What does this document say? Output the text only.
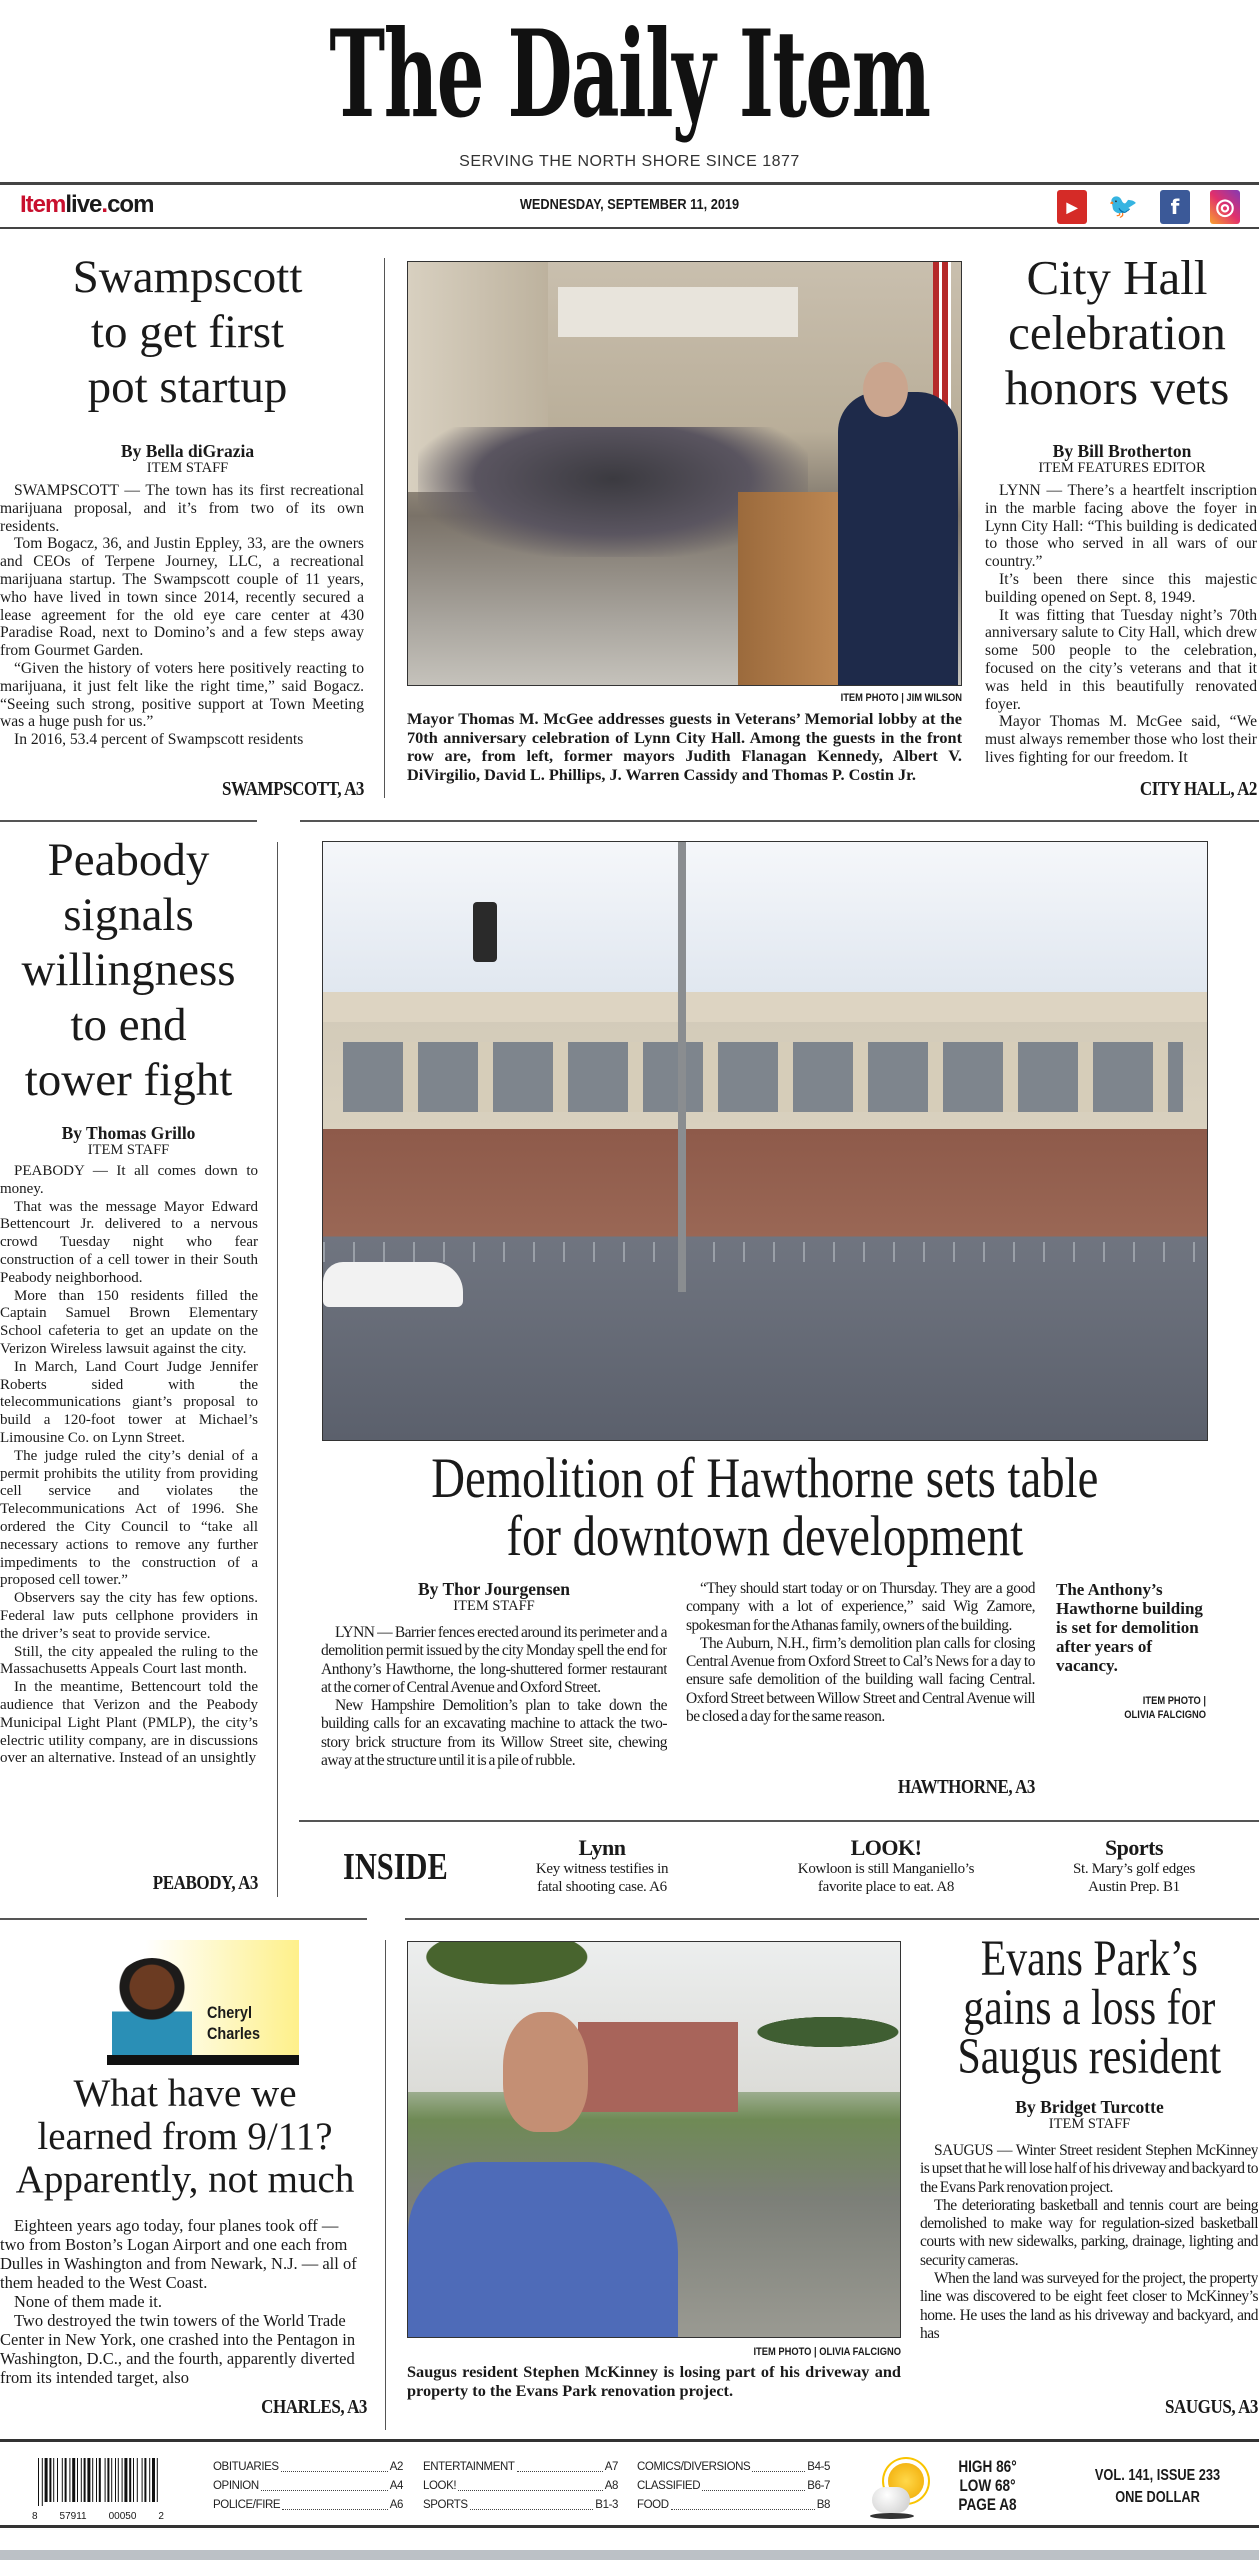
The Daily Item
SERVING THE NORTH SHORE SINCE 1877
Itemlive.com	WEDNESDAY, SEPTEMBER 11, 2019	▶	🐦	f	◎
Swampscott
to get first
pot startup
By Bella diGrazia
ITEM STAFF

SWAMPSCOTT — The town has its first recreational marijuana proposal, and it’s from two of its own residents.

Tom Bogacz, 36, and Justin Eppley, 33, are the owners and CEOs of Terpene Journey, LLC, a recreational marijuana startup. The Swampscott couple of 11 years, who have lived in town since 2014, recently secured a lease agreement for the old eye care center at 430 Paradise Road, next to Domino’s and a few steps away from Gourmet Garden.

“Given the history of voters here positively reacting to marijuana, it just felt like the right time,” said Bogacz. “Seeing such strong, positive support at Town Meeting was a huge push for us.”

In 2016, 53.4 percent of Swampscott residents

SWAMPSCOTT, A3
ITEM PHOTO | JIM WILSON
Mayor Thomas M. McGee addresses guests in Veterans’ Memorial lobby at the 70th anniversary celebration of Lynn City Hall. Among the guests in the front row are, from left, former mayors Judith Flanagan Kennedy, Albert V. DiVirgilio, David L. Phillips, J. Warren Cassidy and Thomas P. Costin Jr.
City Hall
celebration
honors vets
By Bill Brotherton
ITEM FEATURES EDITOR

LYNN — There’s a heartfelt inscription in the marble facing above the foyer in Lynn City Hall: “This building is dedicated to those who served in all wars of our country.”

It’s been there since this majestic building opened on Sept. 8, 1949.

It was fitting that Tuesday night’s 70th anniversary salute to City Hall, which drew some 500 people to the celebration, focused on the city’s veterans and that it was held in this beautifully renovated foyer.

Mayor Thomas M. McGee said, “We must always remember those who lost their lives fighting for our freedom. It

CITY HALL, A2
Peabody
signals
willingness
to end
tower fight
By Thomas Grillo
ITEM STAFF

PEABODY — It all comes down to money.

That was the message Mayor Edward Bettencourt Jr. delivered to a nervous crowd Tuesday night who fear construction of a cell tower in their South Peabody neighborhood.

More than 150 residents filled the Captain Samuel Brown Elementary School cafeteria to get an update on the Verizon Wireless lawsuit against the city.

In March, Land Court Judge Jennifer Roberts sided with the telecommunications giant’s proposal to build a 120-foot tower at Michael’s Limousine Co. on Lynn Street.

The judge ruled the city’s denial of a permit prohibits the utility from providing cell service and violates the Telecommunications Act of 1996. She ordered the City Council to “take all necessary actions to remove any further impediments to the construction of a proposed cell tower.”

Observers say the city has few options. Federal law puts cellphone providers in the driver’s seat to provide service.

Still, the city appealed the ruling to the Massachusetts Appeals Court last month.

In the meantime, Bettencourt told the audience that Verizon and the Peabody Municipal Light Plant (PMLP), the city’s electric utility company, are in discussions over an alternative. Instead of an unsightly

PEABODY, A3
Demolition of Hawthorne sets table
for downtown development
By Thor Jourgensen
ITEM STAFF

LYNN — Barrier fences erected around its perimeter and a demolition permit issued by the city Monday spell the end for Anthony’s Hawthorne, the long-shuttered former restaurant at the corner of Central Avenue and Oxford Street.

New Hampshire Demolition’s plan to take down the building calls for an excavating machine to attack the two-story brick structure from its Willow Street site, chewing away at the structure until it is a pile of rubble.

“They should start today or on Thursday. They are a good company with a lot of experience,” said Wig Zamore, spokesman for the Athanas family, owners of the building.

The Auburn, N.H., firm’s demolition plan calls for closing Central Avenue from Oxford Street to Cal’s News for a day to ensure safe demolition of the building wall facing Central. Oxford Street between Willow Street and Central Avenue will be closed a day for the same reason.

HAWTHORNE, A3
The Anthony’s Hawthorne building is set for demolition after years of vacancy.
ITEM PHOTO |
OLIVIA FALCIGNO
INSIDE	Lynn
Key witness testifies in fatal shooting case. A6
LOOK!
Kowloon is still Manganiello’s favorite place to eat. A8
Sports
St. Mary’s golf edges Austin Prep. B1
Cheryl
Charles
What have we
learned from 9/11?
Apparently, not much

Eighteen years ago today, four planes took off — two from Boston’s Logan Airport and one each from Dulles in Washington and from Newark, N.J. — all of them headed to the West Coast.

None of them made it.

Two destroyed the twin towers of the World Trade Center in New York, one crashed into the Pentagon in Washington, D.C., and the fourth, apparently diverted from its intended target, also

CHARLES, A3
ITEM PHOTO | OLIVIA FALCIGNO
Saugus resident Stephen McKinney is losing part of his driveway and property to the Evans Park renovation project.
Evans Park’s
gains a loss for
Saugus resident
By Bridget Turcotte
ITEM STAFF

SAUGUS — Winter Street resident Stephen McKinney is upset that he will lose half of his driveway and backyard to the Evans Park renovation project.

The deteriorating basketball and tennis court are being demolished to make way for regulation-sized basketball courts with new sidewalks, parking, drainage, lighting and security cameras.

When the land was surveyed for the project, the property line was discovered to be eight feet closer to McKinney’s home. He uses the land as his driveway and backyard, and has

SAUGUS, A3
8 57911 00050 2
OBITUARIES	A2
OPINION	A4
POLICE/FIRE	A6
ENTERTAINMENT	A7
LOOK!	A8
SPORTS	B1-3
COMICS/DIVERSIONS	B4-5
CLASSIFIED	B6-7
FOOD	B8
HIGH 86°
LOW 68°
PAGE A8
VOL. 141, ISSUE 233
ONE DOLLAR
